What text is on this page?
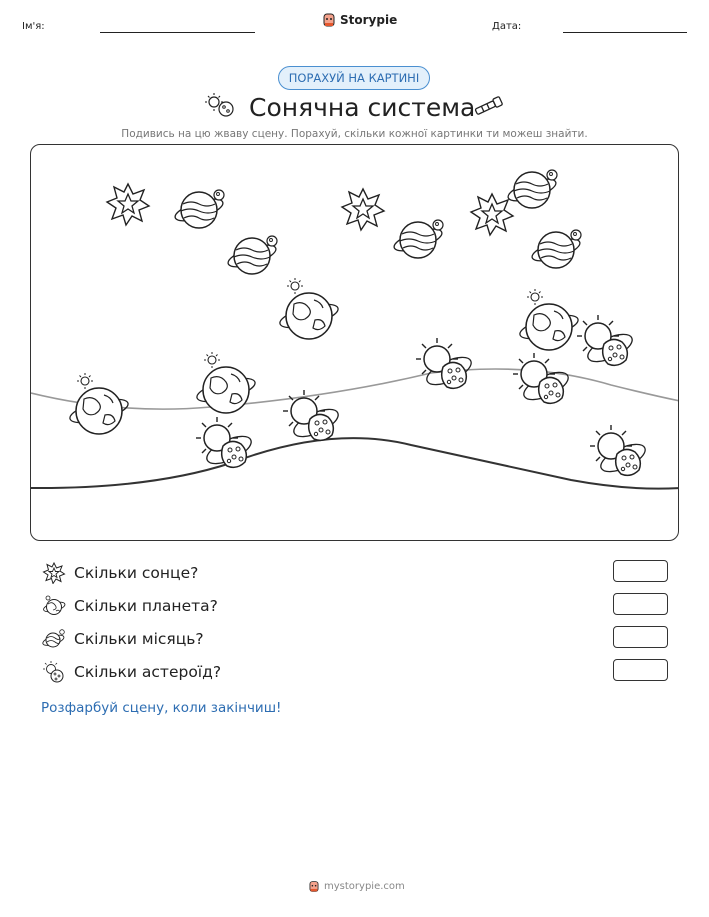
Ім'я:	Storypie	Дата:
ПОРАХУЙ НА КАРТИНІ
Сонячна система
Подивись на цю жваву сцену. Порахуй, скільки кожної картинки ти можеш знайти.
Скільки сонце?
Скільки планета?
Скільки місяць?
Скільки астероїд?
Розфарбуй сцену, коли закінчиш!
mystorypie.com
